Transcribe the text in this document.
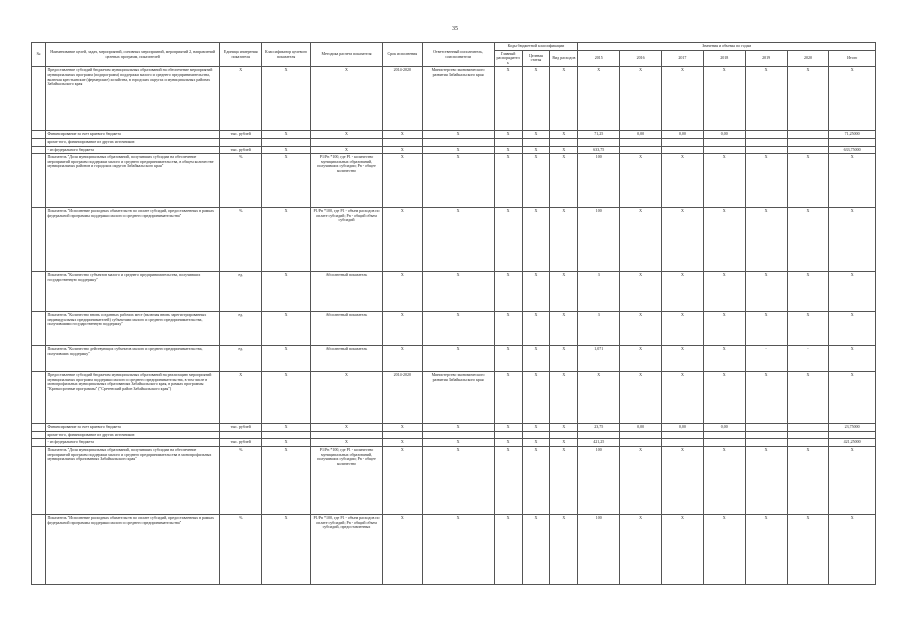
35
№	Наименование целей, задач, мероприятий, основных мероприятий, мероприятий 2, направлений целевых программ, показателей	Единица измерения показателя	Классификатор целевого показателя	Методика расчета показателя	Срок исполнения	Ответственный исполнитель, соисполнители	Коды бюджетной классификации			Значения и объемы по годам						
							Главный распорядитель	Целевая статья	Вид расходов	2015	2016	2017	2018	2019	2020	Итого
	Предоставление субсидий бюджетам муниципальных образований на обеспечение мероприятий муниципальных программ (подпрограмм) поддержки малого и среднего предпринимательства, включая крестьянские (фермерские) хозяйства, в городских округах и муниципальных районах Забайкальского края	X	X	X	2014-2020	Министерство экономического развития Забайкальского края	X	X	X	X	X	X	X	X	X	X
	Финансирование за счет краевого бюджета	тыс. рублей	X	X	X	X	X	X	X	71,25	0,00	0,00	0,00			71,25000
	кроме того, финансирование из других источников:															
	- из федерального бюджета	тыс. рублей	X	X	X	X	X	X	X	633,75						633,75000
	Показатель "Доля муниципальных образований, получивших субсидии на обеспечение мероприятий программ поддержки малого и среднего предпринимательства, в общем количестве муниципальных районов и городских округов Забайкальского края"	%	X	P1/Pn *100, где P1 - количество муниципальных образований, получивших субсидии; Pn - общее количество	X	X	X	X	X	100	X	X	X	X	X	X
	Показатель "Исполнение расходных обязательств по оплате субсидий, предоставленных в рамках федеральной программы поддержки малого и среднего предпринимательства"	%	X	P1/Pn *100, где P1 - объем расходов по оплате субсидий; Pn - общий объем субсидий	X	X	X	X	X	100	X	X	X	X	X	X
	Показатель "Количество субъектов малого и среднего предпринимательства, получивших государственную поддержку"	ед.	X	Абсолютный показатель	X	X	X	X	X	3	X	X	X	X	X	X
	Показатель "Количество вновь созданных рабочих мест (включая вновь зарегистрированных индивидуальных предпринимателей) субъектами малого и среднего предпринимательства, получившими государственную поддержку"	ед.	X	Абсолютный показатель	X	X	X	X	X	3	X	X	X	X	X	X
	Показатель "Количество действующих субъектов малого и среднего предпринимательства, получивших поддержку"	ед.	X	Абсолютный показатель	X	X	X	X	X	1,071	X	X	X	-	-	X
	Предоставление субсидий бюджетам муниципальных образований на реализацию мероприятий муниципальных программ поддержки малого и среднего предпринимательства, в том числе в монопрофильных муниципальных образованиях Забайкальского края, в рамках программы "Краткосрочные программы" ("Сретенский район Забайкальского края")	X	X	X	2014-2020	Министерство экономического развития Забайкальского края	X	X	X	X	X	X	X	X	X	X
	Финансирование за счет краевого бюджета	тыс. рублей	X	X	X	X	X	X	X	23,75	0,00	0,00	0,00			23,75000
	кроме того, финансирование из других источников:															
	- из федерального бюджета	тыс. рублей	X	X	X	X	X	X	X	421,25						421,25000
	Показатель "Доля муниципальных образований, получивших субсидии на обеспечение мероприятий программ поддержки малого и среднего предпринимательства в монопрофильных муниципальных образованиях Забайкальского края"	%	X	P1/Pn *100, где P1 - количество муниципальных образований, получивших субсидии; Pn - общее количество	X	X	X	X	X	100	X	X	X	X	X	X
	Показатель "Исполнение расходных обязательств по оплате субсидий, предоставленных в рамках федеральной программы поддержки малого и среднего предпринимательства"	%	X	P1/Pn *100, где P1 - объем расходов по оплате субсидий; Pn - общий объем субсидий, предоставленных	X	X	X	X	X	100	X	X	X	X	X	X
